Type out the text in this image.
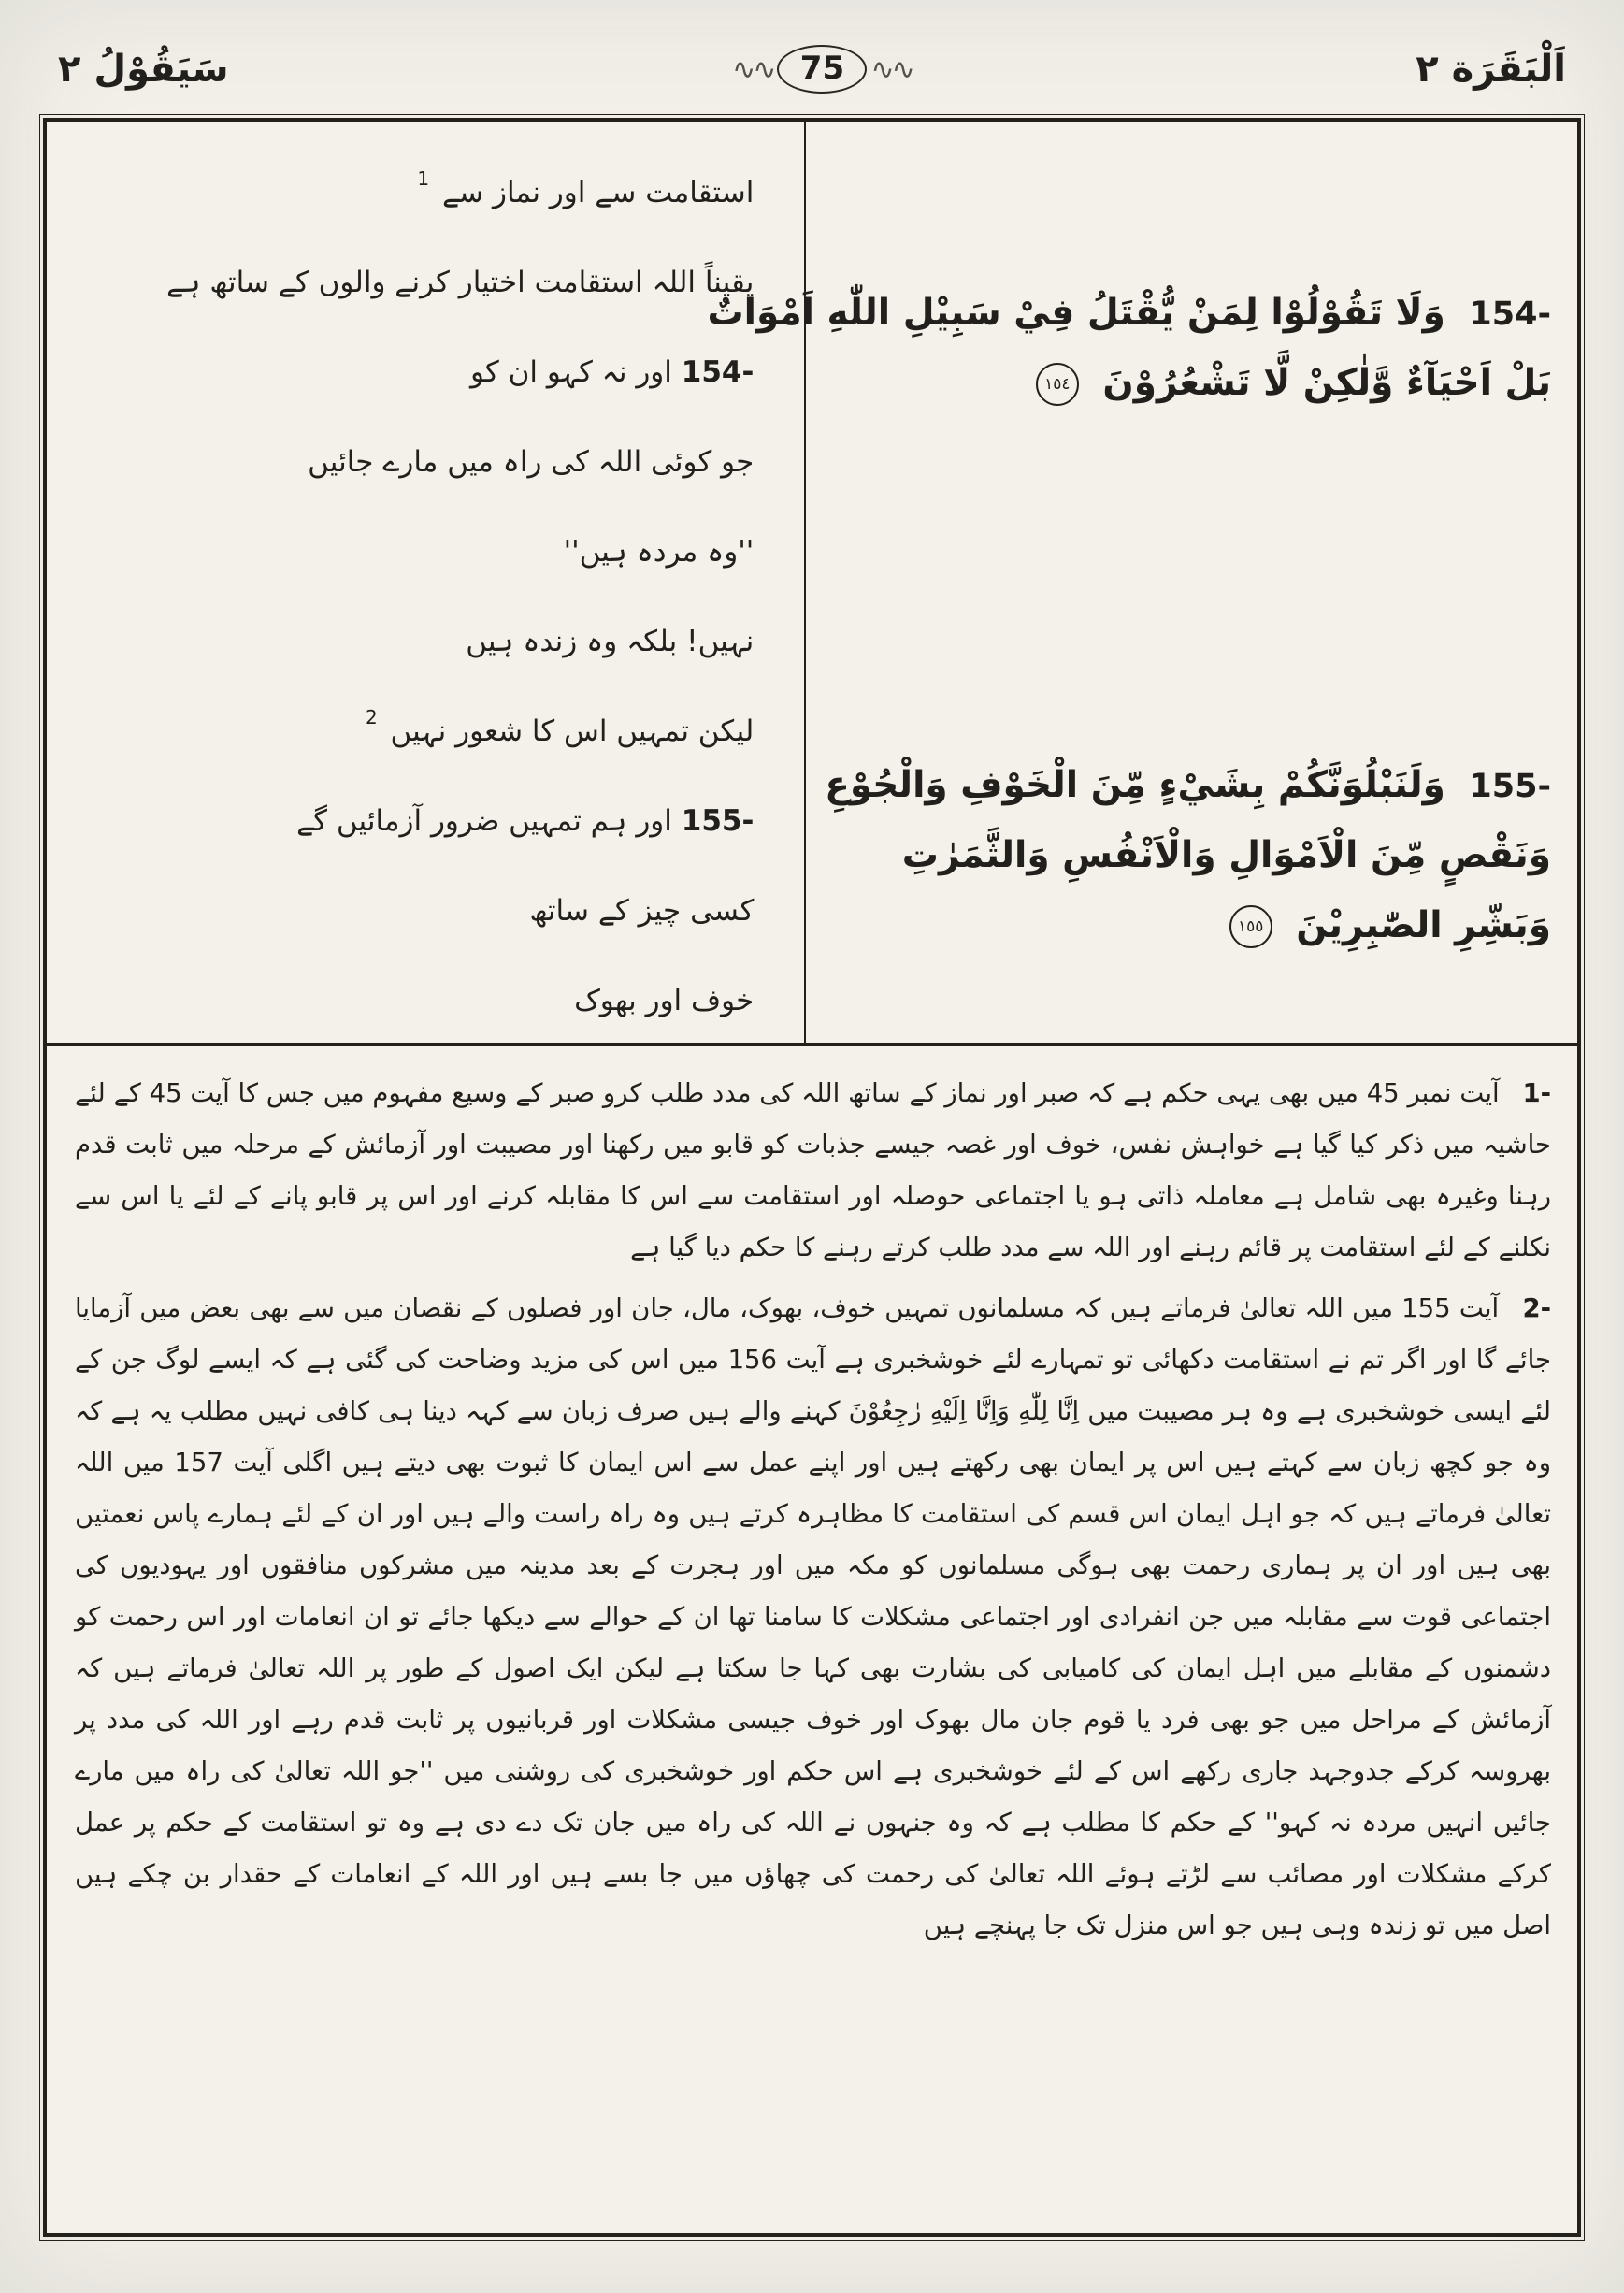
اَلْبَقَرَة ۲
∿∿
75
∿∿
سَيَقُوْلُ ۲
154- وَلَا تَقُوْلُوْا لِمَنْ يُّقْتَلُ فِيْ سَبِيْلِ اللّٰهِ اَمْوَاتٌ
بَلْ اَحْيَآءٌ وَّلٰكِنْ لَّا تَشْعُرُوْنَ ١٥٤
155- وَلَنَبْلُوَنَّكُمْ بِشَيْءٍ مِّنَ الْخَوْفِ وَالْجُوْعِ
وَنَقْصٍ مِّنَ الْاَمْوَالِ وَالْاَنْفُسِ وَالثَّمَرٰتِ
وَبَشِّرِ الصّٰبِرِيْنَ ١٥٥
استقامت سے اور نماز سے $^1$
یقیناً اللہ استقامت اختیار کرنے والوں کے ساتھ ہے
154- اور نہ کہو ان کو
جو کوئی اللہ کی راہ میں مارے جائیں
''وہ مردہ ہیں''
نہیں! بلکہ وہ زندہ ہیں
لیکن تمہیں اس کا شعور نہیں $^2$
155- اور ہم تمہیں ضرور آزمائیں گے
کسی چیز کے ساتھ
خوف اور بھوک

1- آیت نمبر 45 میں بھی یہی حکم ہے کہ صبر اور نماز کے ساتھ اللہ کی مدد طلب کرو صبر کے وسیع مفہوم میں جس کا آیت 45 کے لئے حاشیہ میں ذکر کیا گیا ہے خواہش نفس، خوف اور غصہ جیسے جذبات کو قابو میں رکھنا اور مصیبت اور آزمائش کے مرحلہ میں ثابت قدم رہنا وغیرہ بھی شامل ہے معاملہ ذاتی ہو یا اجتماعی حوصلہ اور استقامت سے اس کا مقابلہ کرنے اور اس پر قابو پانے کے لئے یا اس سے نکلنے کے لئے استقامت پر قائم رہنے اور اللہ سے مدد طلب کرتے رہنے کا حکم دیا گیا ہے

2- آیت 155 میں اللہ تعالیٰ فرماتے ہیں کہ مسلمانوں تمہیں خوف، بھوک، مال، جان اور فصلوں کے نقصان میں سے بھی بعض میں آزمایا جائے گا اور اگر تم نے استقامت دکھائی تو تمہارے لئے خوشخبری ہے آیت 156 میں اس کی مزید وضاحت کی گئی ہے کہ ایسے لوگ جن کے لئے ایسی خوشخبری ہے وہ ہر مصیبت میں اِنَّا لِلّٰهِ وَاِنَّا اِلَيْهِ رٰجِعُوْنَ کہنے والے ہیں صرف زبان سے کہہ دینا ہی کافی نہیں مطلب یہ ہے کہ وہ جو کچھ زبان سے کہتے ہیں اس پر ایمان بھی رکھتے ہیں اور اپنے عمل سے اس ایمان کا ثبوت بھی دیتے ہیں اگلی آیت 157 میں اللہ تعالیٰ فرماتے ہیں کہ جو اہل ایمان اس قسم کی استقامت کا مظاہرہ کرتے ہیں وہ راہ راست والے ہیں اور ان کے لئے ہمارے پاس نعمتیں بھی ہیں اور ان پر ہماری رحمت بھی ہوگی مسلمانوں کو مکہ میں اور ہجرت کے بعد مدینہ میں مشرکوں منافقوں اور یہودیوں کی اجتماعی قوت سے مقابلہ میں جن انفرادی اور اجتماعی مشکلات کا سامنا تھا ان کے حوالے سے دیکھا جائے تو ان انعامات اور اس رحمت کو دشمنوں کے مقابلے میں اہل ایمان کی کامیابی کی بشارت بھی کہا جا سکتا ہے لیکن ایک اصول کے طور پر اللہ تعالیٰ فرماتے ہیں کہ آزمائش کے مراحل میں جو بھی فرد یا قوم جان مال بھوک اور خوف جیسی مشکلات اور قربانیوں پر ثابت قدم رہے اور اللہ کی مدد پر بھروسہ کرکے جدوجہد جاری رکھے اس کے لئے خوشخبری ہے اس حکم اور خوشخبری کی روشنی میں ''جو اللہ تعالیٰ کی راہ میں مارے جائیں انہیں مردہ نہ کہو'' کے حکم کا مطلب ہے کہ وہ جنہوں نے اللہ کی راہ میں جان تک دے دی ہے وہ تو استقامت کے حکم پر عمل کرکے مشکلات اور مصائب سے لڑتے ہوئے اللہ تعالیٰ کی رحمت کی چھاؤں میں جا بسے ہیں اور اللہ کے انعامات کے حقدار بن چکے ہیں اصل میں تو زندہ وہی ہیں جو اس منزل تک جا پہنچے ہیں
